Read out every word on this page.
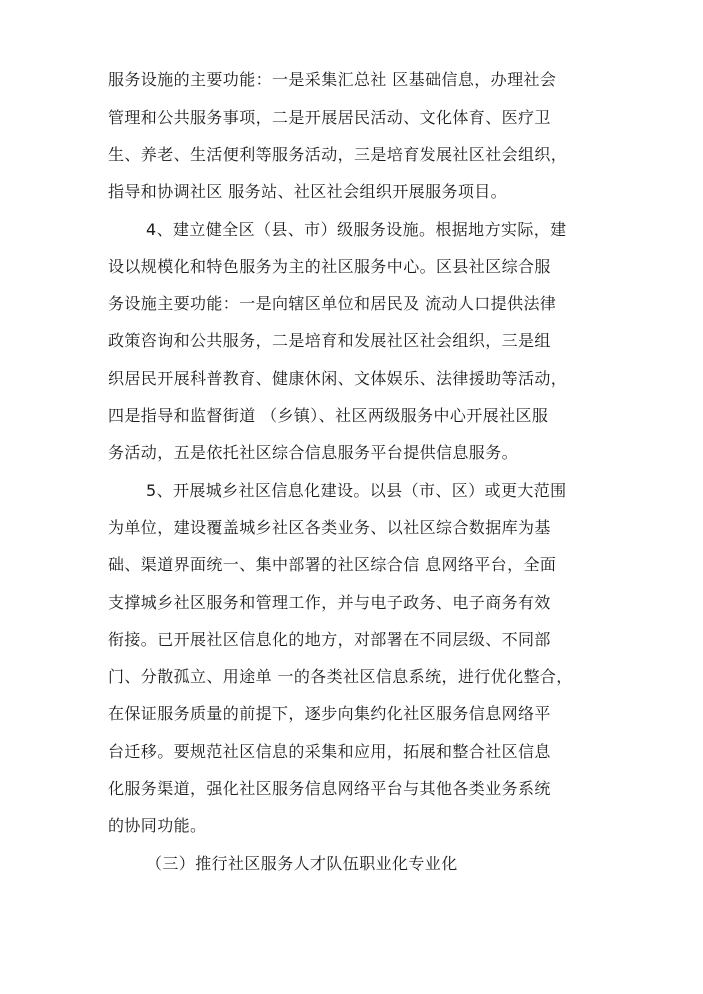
服务设施的主要功能：一是采集汇总社 区基础信息，办理社会
管理和公共服务事项，二是开展居民活动、文化体育、医疗卫
生、养老、生活便利等服务活动，三是培育发展社区社会组织，
指导和协调社区 服务站、社区社会组织开展服务项目。
4、建立健全区（县、市）级服务设施。根据地方实际，建
设以规模化和特色服务为主的社区服务中心。区县社区综合服
务设施主要功能：一是向辖区单位和居民及 流动人口提供法律
政策咨询和公共服务，二是培育和发展社区社会组织，三是组
织居民开展科普教育、健康休闲、文体娱乐、法律援助等活动，
四是指导和监督街道 （乡镇）、社区两级服务中心开展社区服
务活动，五是依托社区综合信息服务平台提供信息服务。
5、开展城乡社区信息化建设。以县（市、区）或更大范围
为单位，建设覆盖城乡社区各类业务、以社区综合数据库为基
础、渠道界面统一、集中部署的社区综合信 息网络平台，全面
支撑城乡社区服务和管理工作，并与电子政务、电子商务有效
衔接。已开展社区信息化的地方，对部署在不同层级、不同部
门、分散孤立、用途单 一的各类社区信息系统，进行优化整合，
在保证服务质量的前提下，逐步向集约化社区服务信息网络平
台迁移。要规范社区信息的采集和应用，拓展和整合社区信息
化服务渠道，强化社区服务信息网络平台与其他各类业务系统
的协同功能。
（三）推行社区服务人才队伍职业化专业化
